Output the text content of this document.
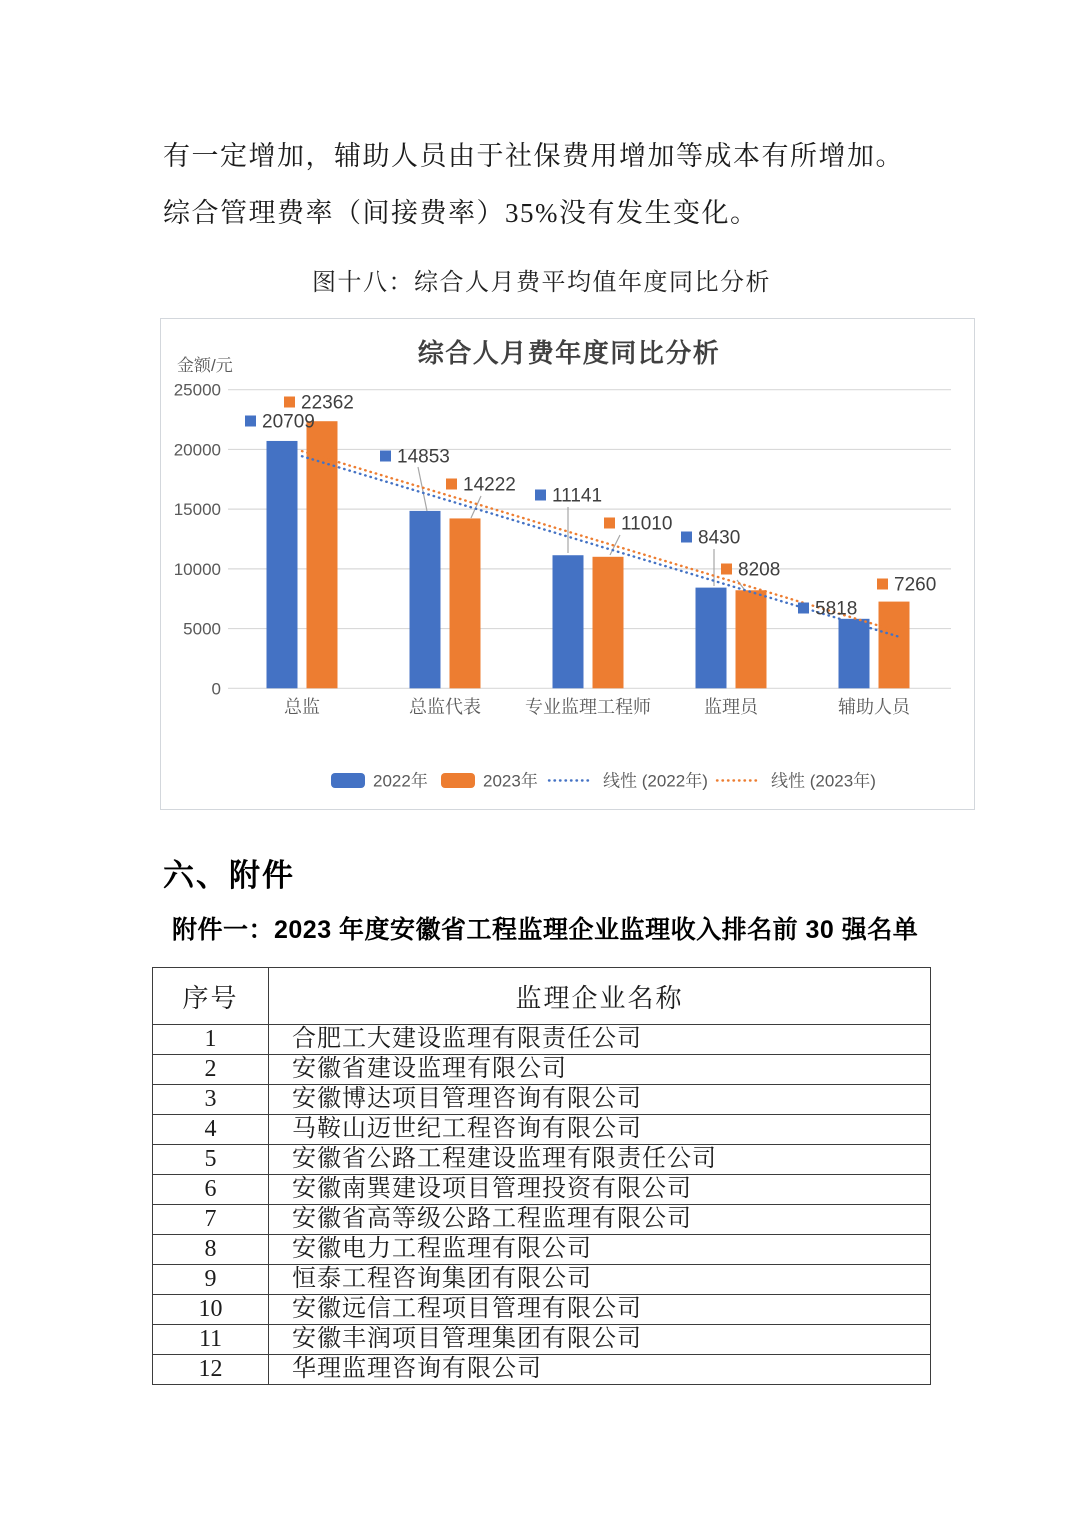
有一定增加，辅助人员由于社保费用增加等成本有所增加。
综合管理费率（间接费率）35%没有发生变化。
图十八：综合人月费平均值年度同比分析
0
5000
10000
15000
20000
25000
金额/元	综合人月费年度同比分析
总监	总监代表 专业监理工程师	监理员	辅助人员
20709
22362
14853
14222
11141
11010
8430
8208
5818
7260
2022年	2023年	线性 (2022年)	线性 (2023年)
六、附件
附件一：2023 年度安徽省工程监理企业监理收入排名前 30 强名单
序号	监理企业名称
1	合肥工大建设监理有限责任公司
2	安徽省建设监理有限公司
3	安徽博达项目管理咨询有限公司
4	马鞍山迈世纪工程咨询有限公司
5	安徽省公路工程建设监理有限责任公司
6	安徽南巽建设项目管理投资有限公司
7	安徽省高等级公路工程监理有限公司
8	安徽电力工程监理有限公司
9	恒泰工程咨询集团有限公司
10	安徽远信工程项目管理有限公司
11	安徽丰润项目管理集团有限公司
12	华理监理咨询有限公司
